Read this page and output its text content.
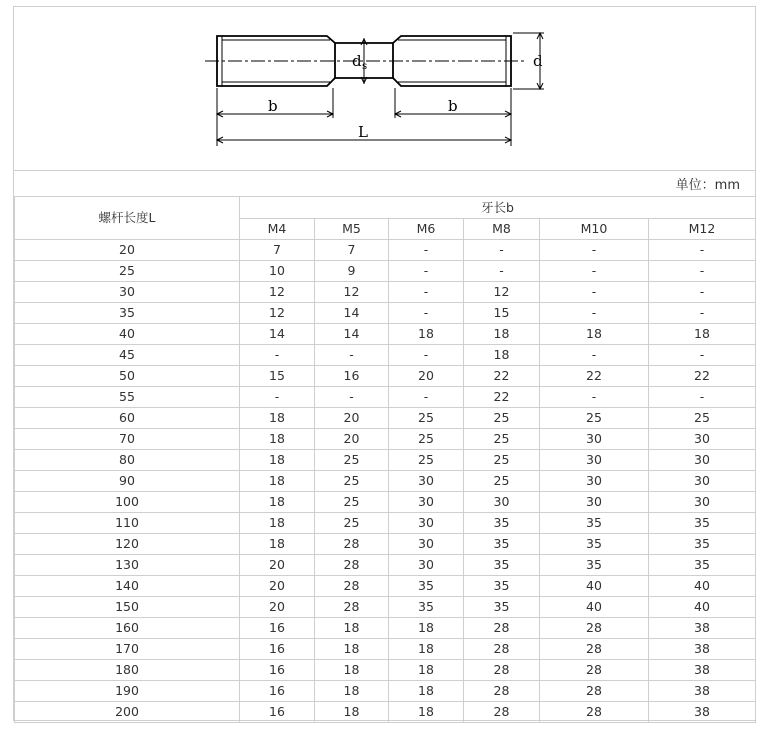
d s	d
b	b
L
单位：mm
螺杆长度L	牙长b					
	M4	M5	M6	M8	M10	M12
20	7	7	-	-	-	-
25	10	9	-	-	-	-
30	12	12	-	12	-	-
35	12	14	-	15	-	-
40	14	14	18	18	18	18
45	-	-	-	18	-	-
50	15	16	20	22	22	22
55	-	-	-	22	-	-
60	18	20	25	25	25	25
70	18	20	25	25	30	30
80	18	25	25	25	30	30
90	18	25	30	25	30	30
100	18	25	30	30	30	30
110	18	25	30	35	35	35
120	18	28	30	35	35	35
130	20	28	30	35	35	35
140	20	28	35	35	40	40
150	20	28	35	35	40	40
160	16	18	18	28	28	38
170	16	18	18	28	28	38
180	16	18	18	28	28	38
190	16	18	18	28	28	38
200	16	18	18	28	28	38
